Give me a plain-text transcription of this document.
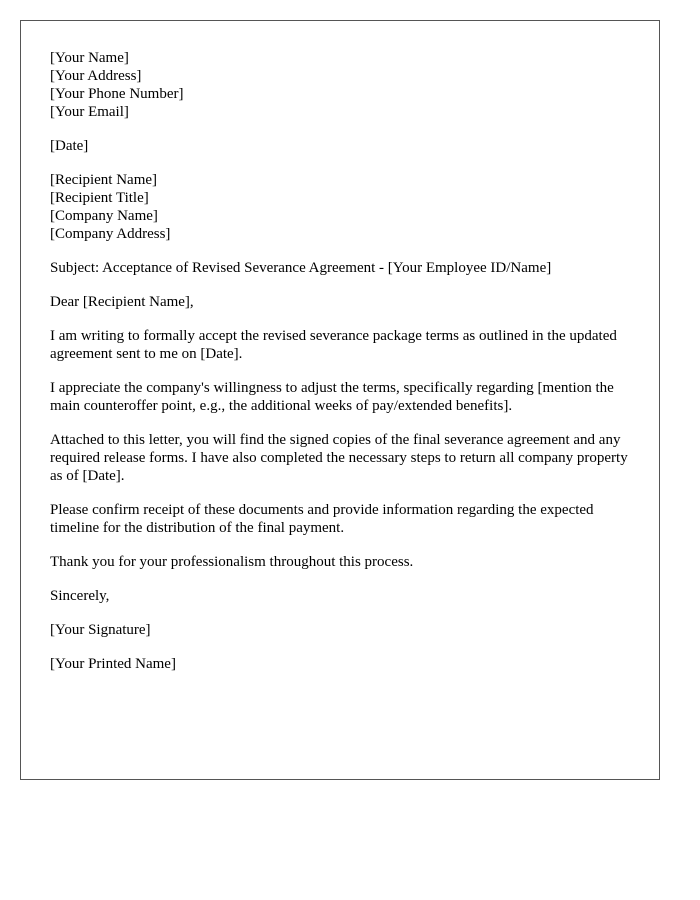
[Your Name]
[Your Address]
[Your Phone Number]
[Your Email]

[Date]

[Recipient Name]
[Recipient Title]
[Company Name]
[Company Address]

Subject: Acceptance of Revised Severance Agreement - [Your Employee ID/Name]

Dear [Recipient Name],

I am writing to formally accept the revised severance package terms as outlined in the updated agreement sent to me on [Date].

I appreciate the company's willingness to adjust the terms, specifically regarding [mention the main counteroffer point, e.g., the additional weeks of pay/extended benefits].

Attached to this letter, you will find the signed copies of the final severance agreement and any required release forms. I have also completed the necessary steps to return all company property as of [Date].

Please confirm receipt of these documents and provide information regarding the expected timeline for the distribution of the final payment.

Thank you for your professionalism throughout this process.

Sincerely,

[Your Signature]

[Your Printed Name]
